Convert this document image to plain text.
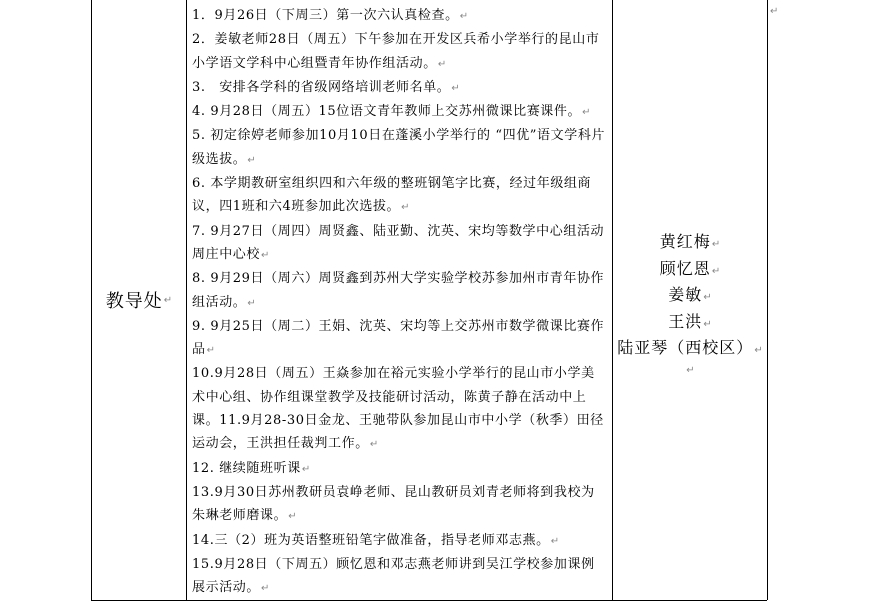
教导处 ↵
1．9月26日（下周三）第一次六认真检查。↵
2．姜敏老师28日（周五）下午参加在开发区兵希小学举行的昆山市小学语文学科中心组暨青年协作组活动。↵
3.　安排各学科的省级网络培训老师名单。↵
4. 9月28日（周五）15位语文青年教师上交苏州微课比赛课件。↵
5. 初定徐婷老师参加10月10日在蓬溪小学举行的 “四优”语文学科片级选拔。↵
6. 本学期教研室组织四和六年级的整班钢笔字比赛，经过年级组商议，四1班和六4班参加此次选拔。↵
7. 9月27日（周四）周贤鑫、陆亚勤、沈英、宋均等数学中心组活动　周庄中心校↵
8. 9月29日（周六）周贤鑫到苏州大学实验学校苏参加州市青年协作组活动。↵
9. 9月25日（周二）王娟、沈英、宋均等上交苏州市数学微课比赛作品↵
10.9月28日（周五）王焱参加在裕元实验小学举行的昆山市小学美术中心组、协作组课堂教学及技能研讨活动，陈黄子静在活动中上课。11.9月28-30日金龙、王驰带队参加昆山市中小学（秋季）田径运动会，王洪担任裁判工作。↵
12. 继续随班听课↵
13.9月30日苏州教研员袁峥老师、昆山教研员刘青老师将到我校为朱琳老师磨课。↵
14.三（2）班为英语整班铅笔字做准备，指导老师邓志燕。↵
15.9月28日（下周五）顾忆恩和邓志燕老师讲到吴江学校参加课例展示活动。↵
黄红梅↵
顾忆恩↵
姜敏↵
王洪↵
陆亚琴（西校区）↵
↵
↵
